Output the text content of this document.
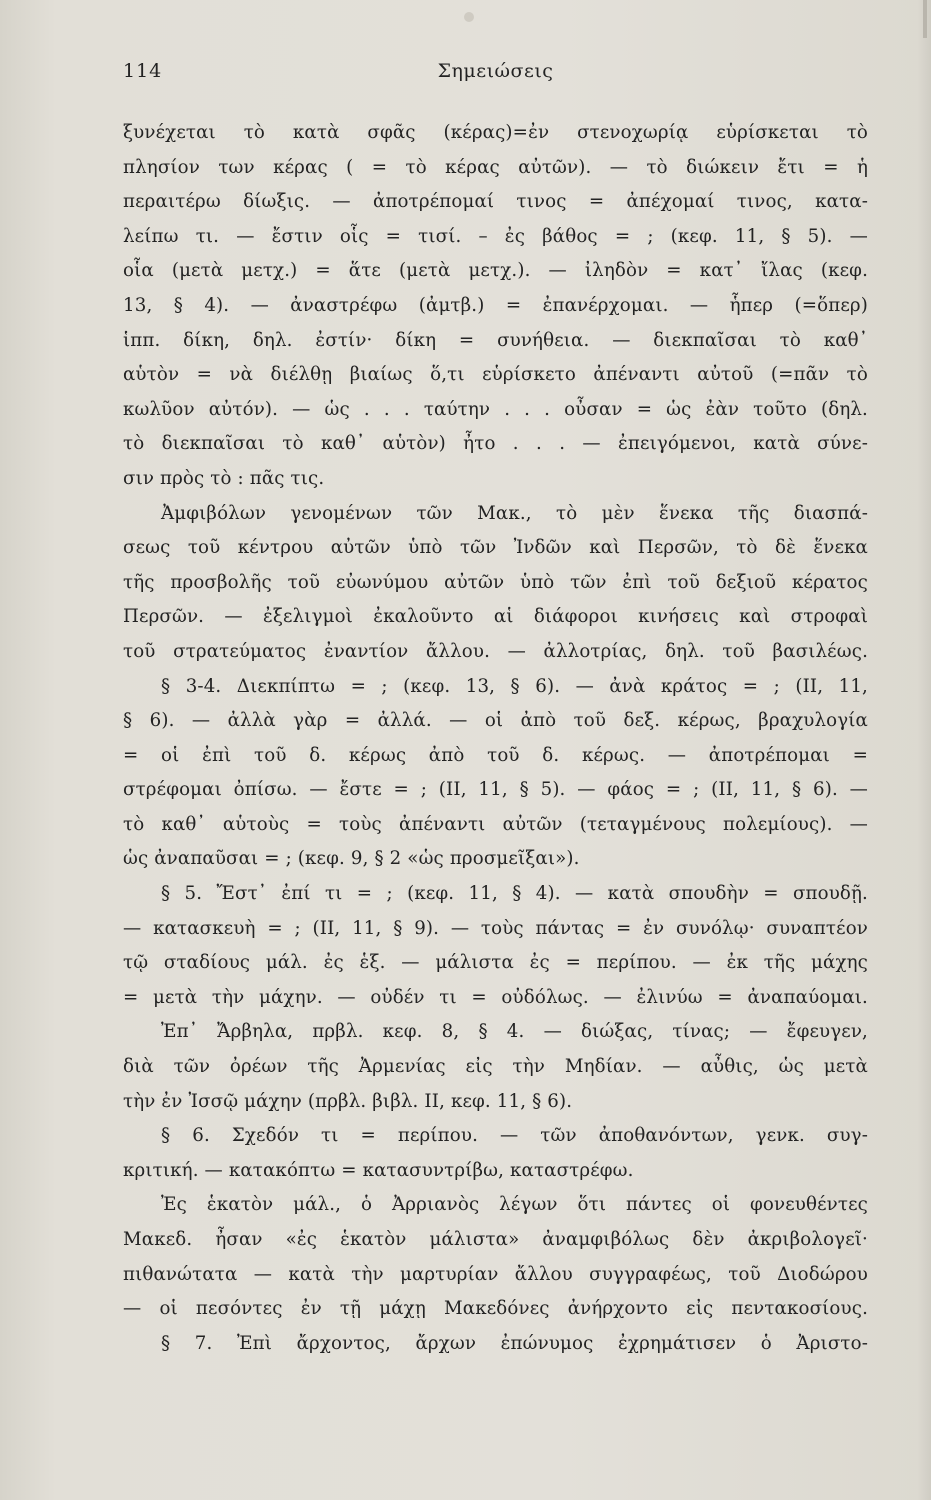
Σημειώσεις
114
ξυνέχεται τὸ κατὰ σφᾶς (κέρας)=ἐν στενοχωρίᾳ εὑρίσκεται τὸ
πλησίον των κέρας ( = τὸ κέρας αὐτῶν). — τὸ διώκειν ἔτι = ἡ
περαιτέρω δίωξις. — ἀποτρέπομαί τινος = ἀπέχομαί τινος, κατα-
λείπω τι. — ἔστιν οἷς = τισί. – ἐς βάθος = ; (κεφ. 11, § 5). —
οἷα (μετὰ μετχ.) = ἅτε (μετὰ μετχ.). — ἰληδὸν = κατ᾽ ἴλας (κεφ.
13, § 4). — ἀναστρέφω (ἀμτβ.) = ἐπανέρχομαι. — ἧπερ (=ὅπερ)
ἱππ. δίκη, δηλ. ἐστίν· δίκη = συνήθεια. — διεκπαῖσαι τὸ καθ᾽
αὑτὸν = νὰ διέλθῃ βιαίως ὅ,τι εὑρίσκετο ἀπέναντι αὐτοῦ (=πᾶν τὸ
κωλῦον αὐτόν). — ὡς . . . ταύτην . . . οὖσαν = ὡς ἐὰν τοῦτο (δηλ.
τὸ διεκπαῖσαι τὸ καθ᾽ αὑτὸν) ἦτο . . . — ἐπειγόμενοι, κατὰ σύνε-
σιν πρὸς τὸ : πᾶς τις.
Ἀμφιβόλων γενομένων τῶν Μακ., τὸ μὲν ἕνεκα τῆς διασπά-
σεως τοῦ κέντρου αὐτῶν ὑπὸ τῶν Ἰνδῶν καὶ Περσῶν, τὸ δὲ ἕνεκα
τῆς προσβολῆς τοῦ εὐωνύμου αὐτῶν ὑπὸ τῶν ἐπὶ τοῦ δεξιοῦ κέρατος
Περσῶν. — ἐξελιγμοὶ ἐκαλοῦντο αἱ διάφοροι κινήσεις καὶ στροφαὶ
τοῦ στρατεύματος ἐναντίον ἄλλου. — ἀλλοτρίας, δηλ. τοῦ βασιλέως.
§ 3-4. Διεκπίπτω = ; (κεφ. 13, § 6). — ἀνὰ κράτος = ; (II, 11,
§ 6). — ἀλλὰ γὰρ = ἀλλά. — οἱ ἀπὸ τοῦ δεξ. κέρως, βραχυλογία
= οἱ ἐπὶ τοῦ δ. κέρως ἀπὸ τοῦ δ. κέρως. — ἀποτρέπομαι =
στρέφομαι ὀπίσω. — ἔστε = ; (II, 11, § 5). — φάος = ; (II, 11, § 6). —
τὸ καθ᾽ αὑτοὺς = τοὺς ἀπέναντι αὐτῶν (τεταγμένους πολεμίους). —
ὡς ἀναπαῦσαι = ; (κεφ. 9, § 2 «ὡς προσμεῖξαι»).
§ 5. Ἔστ᾽ ἐπί τι = ; (κεφ. 11, § 4). — κατὰ σπουδὴν = σπουδῇ.
— κατασκευὴ = ; (II, 11, § 9). — τοὺς πάντας = ἐν συνόλῳ· συναπτέον
τῷ σταδίους μάλ. ἐς ἑξ. — μάλιστα ἐς = περίπου. — ἐκ τῆς μάχης
= μετὰ τὴν μάχην. — οὐδέν τι = οὐδόλως. — ἐλινύω = ἀναπαύομαι.
Ἐπ᾽ Ἄρβηλα, πρβλ. κεφ. 8, § 4. — διώξας, τίνας; — ἔφευγεν,
διὰ τῶν ὀρέων τῆς Ἀρμενίας εἰς τὴν Μηδίαν. — αὖθις, ὡς μετὰ
τὴν ἐν Ἰσσῷ μάχην (πρβλ. βιβλ. II, κεφ. 11, § 6).
§ 6. Σχεδόν τι = περίπου. — τῶν ἀποθανόντων, γενκ. συγ-
κριτική. — κατακόπτω = κατασυντρίβω, καταστρέφω.
Ἐς ἑκατὸν μάλ., ὁ Ἀρριανὸς λέγων ὅτι πάντες οἱ φονευθέντες
Μακεδ. ἦσαν «ἐς ἑκατὸν μάλιστα» ἀναμφιβόλως δὲν ἀκριβολογεῖ·
πιθανώτατα — κατὰ τὴν μαρτυρίαν ἄλλου συγγραφέως, τοῦ Διοδώρου
— οἱ πεσόντες ἐν τῇ μάχῃ Μακεδόνες ἀνήρχοντο εἰς πεντακοσίους.
§ 7. Ἐπὶ ἄρχοντος, ἄρχων ἐπώνυμος ἐχρημάτισεν ὁ Ἀριστο-
